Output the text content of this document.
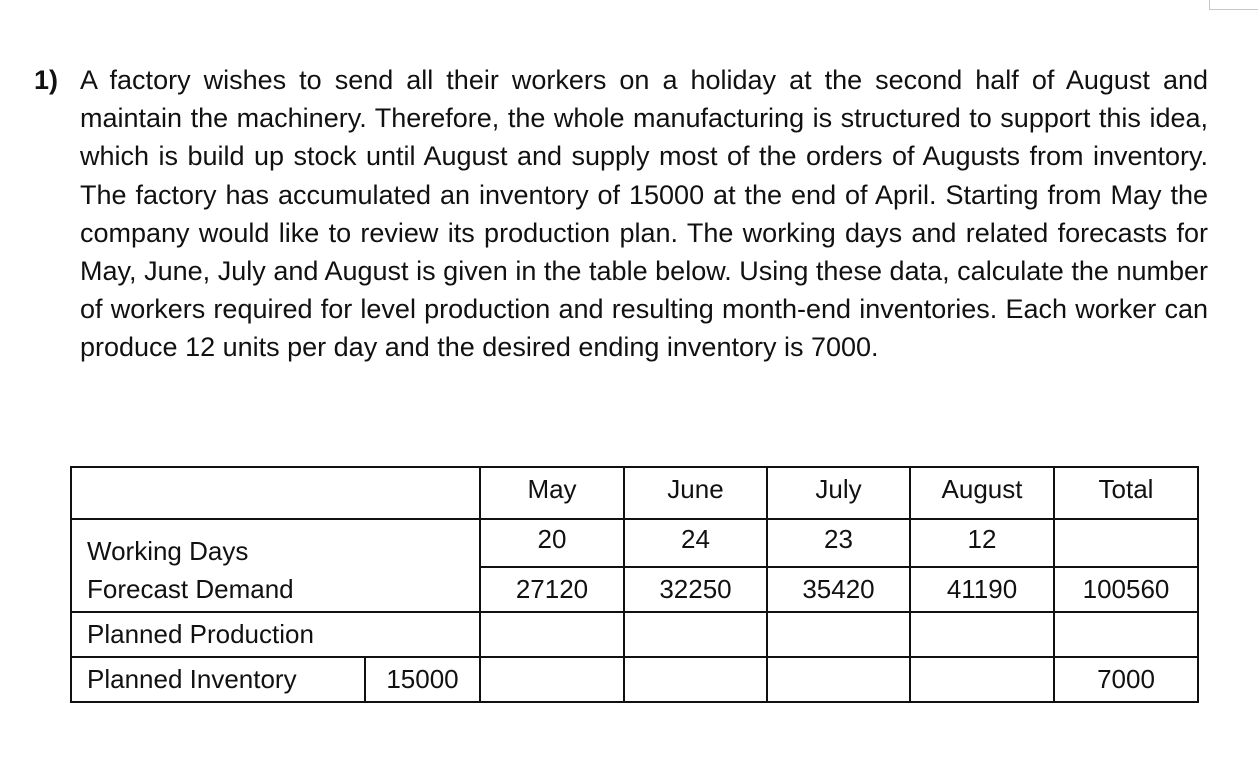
1) A factory wishes to send all their workers on a holiday at the second half of August and maintain the machinery. Therefore, the whole manufacturing is structured to support this idea, which is build up stock until August and supply most of the orders of Augusts from inventory. The factory has accumulated an inventory of 15000 at the end of April. Starting from May the company would like to review its production plan. The working days and related forecasts for May, June, July and August is given in the table below. Using these data, calculate the number of workers required for level production and resulting month-end inventories. Each worker can produce 12 units per day and the desired ending inventory is 7000.
		May	June	July	August	Total
Working Days		20	24	23	12	
Forecast Demand		27120	32250	35420	41190	100560
Planned Production						
Planned Inventory	15000					7000
